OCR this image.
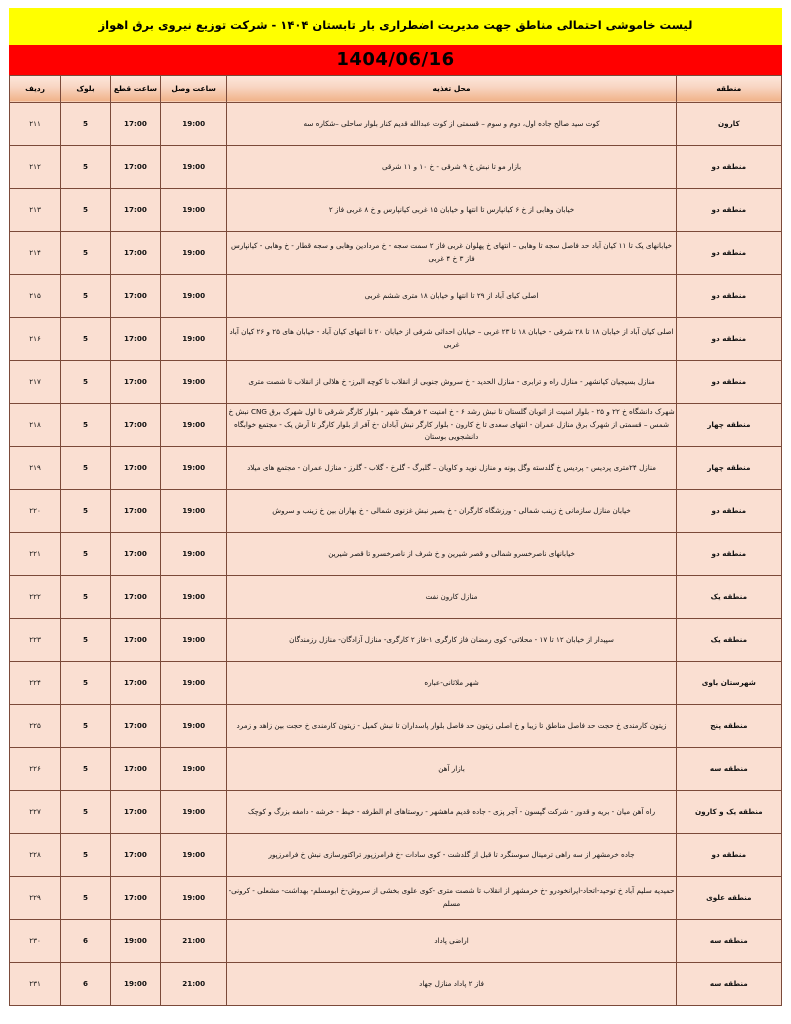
لیست خاموشی احتمالی مناطق جهت مدیریت اضطراری بار تابستان ۱۴۰۴ - شرکت توزیع نیروی برق اهواز
1404/06/16
منطقه	محل تغذیه	ساعت وصل	ساعت قطع	بلوک	ردیف
کارون	کوت سید صالح جاده اول، دوم و سوم – قسمتی از کوت عبدالله قدیم کنار بلوار ساحلی –شکاره سه	19:00	17:00	5	۲۱۱
منطقه دو	بازار مو تا نبش خ ۹ شرقی - خ ۱۰ و ۱۱ شرقی	19:00	17:00	5	۲۱۲
منطقه دو	خیابان وهابی از خ ۶ کیانپارس تا انتها و خیابان ۱۵ غربی کیانپارس و خ ۸ غربی فاز ۲	19:00	17:00	5	۲۱۳
منطقه دو	خیابانهای یک تا ۱۱ کیان آباد حد فاصل سجه تا وهابی – انتهای خ پهلوان غربی فاز ۲ سمت سجه - خ مردادین وهابی و سجه قطار - خ وهابی - کیانپارس فاز ۳ خ ۴ غربی	19:00	17:00	5	۲۱۴
منطقه دو	اصلی کیای آباد از ۲۹ تا انتها و خیابان ۱۸ متری ششم غربی	19:00	17:00	5	۲۱۵
منطقه دو	اصلی کیان آباد از خیابان ۱۸ تا ۲۸ شرقی - خیابان ۱۸ تا ۲۳ غربی – خیابان احداثی شرقی از خیابان ۲۰ تا انتهای کیان آباد - خیابان های ۲۵ و ۲۶ کیان آباد غربی	19:00	17:00	5	۲۱۶
منطقه دو	منازل بسیجیان کیانشهر - منازل راه و ترابری - منازل الحدید - خ سروش جنوبی از انقلاب تا کوچه البرز- خ هلالی از انقلاب تا شصت متری	19:00	17:00	5	۲۱۷
منطقه چهار	شهرک دانشگاه خ ۲۲ و ۲۵ - بلوار امنیت از اتوبان گلستان تا نبش رشد ۶ - خ امنیت ۲ فرهنگ شهر - بلوار کارگر شرقی تا اول شهرک برق CNG نبش خ شمس – قسمتی از شهرک برق منازل عمران - انتهای سعدی تا خ کارون - بلوار کارگر نبش آبادان -خ آفر از بلوار کارگر تا آرش یک - مجتمع خوابگاه دانشجویی بوستان	19:00	17:00	5	۲۱۸
منطقه چهار	منازل ۲۴متری پردیس - پردیس خ گلدسته وگل پونه و منازل نوید و کاویان – گلبرگ - گلرخ - گلاب - گلرز - منازل عمران - مجتمع های میلاد	19:00	17:00	5	۲۱۹
منطقه دو	خیابان منازل سازمانی خ زینب شمالی - ورزشگاه کارگران - خ بصیر نبش غزنوی شمالی - خ بهاران بین خ زینب و سروش	19:00	17:00	5	۲۲۰
منطقه دو	خیابانهای ناصرخسرو شمالی و قصر شیرین و خ شرف از ناصرخسرو تا قصر شیرین	19:00	17:00	5	۲۲۱
منطقه یک	منازل کارون نفت	19:00	17:00	5	۲۲۲
منطقه یک	سپیدار از خیابان ۱۲ تا ۱۷ - محلاتی- کوی رمضان فاز کارگری ۱-فاز ۲ کارگری- منازل آزادگان- منازل رزمندگان	19:00	17:00	5	۲۲۳
شهرستان باوی	شهر ملاثانی-عباره	19:00	17:00	5	۲۲۴
منطقه پنج	زیتون کارمندی خ حجت حد فاصل مناطق تا زیبا و خ اصلی زیتون حد فاصل بلوار پاسداران تا نبش کمیل - زیتون کارمندی خ حجت بین زاهد و زمرد	19:00	17:00	5	۲۲۵
منطقه سه	بازار آهن	19:00	17:00	5	۲۲۶
منطقه یک و کارون	راه آهن میان - بریه و قدور - شرکت گپسون - آجر پزی - جاده قدیم ماهشهر - روستاهای ام الطرفه - خیط - خرشه - دامغه بزرگ و کوچک	19:00	17:00	5	۲۲۷
منطقه دو	جاده خرمشهر از سه راهی ترمینال سوسنگرد تا قبل از گلدشت - کوی سادات -خ فرامرزپور تراکتورسازی نبش خ فرامرزپور	19:00	17:00	5	۲۲۸
منطقه علوی	حمیدیه سلیم آباد خ توحید-اتحاد-ایرانخودرو -خ خرمشهر از انقلاب تا شصت متری -کوی علوی بخشی از سروش-خ ابومسلم- بهداشت- مشعلی - کرونی-مسلم	19:00	17:00	5	۲۲۹
منطقه سه	اراضی پاداد	21:00	19:00	6	۲۳۰
منطقه سه	فاز ۲ پاداد منازل جهاد	21:00	19:00	6	۲۳۱
